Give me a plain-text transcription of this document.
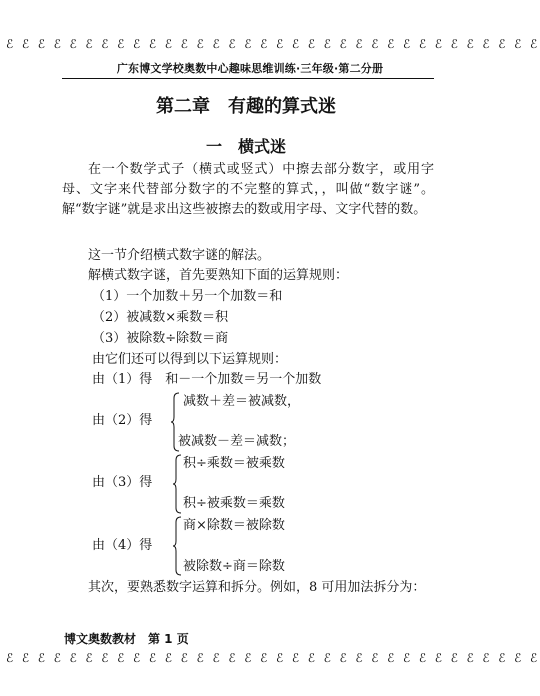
ℰ ℰ ℰ ℰ ℰ ℰ ℰ ℰ ℰ ℰ ℰ ℰ ℰ ℰ ℰ ℰ ℰ ℰ ℰ ℰ ℰ ℰ ℰ ℰ ℰ ℰ ℰ ℰ ℰ ℰ ℰ ℰ ℰ ℰ
广东博文学校奥数中心趣味思维训练·三年级·第二分册
第二章　有趣的算式迷
一　横式迷

在一个数学式子（横式或竖式）中擦去部分数字，或用字母、文字来代替部分数字的不完整的算式，，叫做“数字谜”。解“数字谜”就是求出这些被擦去的数或用字母、文字代替的数。

这一节介绍横式数字谜的解法。

解横式数字谜，首先要熟知下面的运算规则：

（1）一个加数＋另一个加数＝和
（2）被减数×乘数＝积
（3）被除数÷除数＝商
由它们还可以得到以下运算规则：
由（1）得　和－一个加数＝另一个加数
由（2）得
减数＋差＝被减数，
被减数－差＝减数；
由（3）得
积÷乘数＝被乘数
积÷被乘数＝乘数
由（4）得
商×除数＝被除数
被除数÷商＝除数

其次，要熟悉数字运算和拆分。例如，8 可用加法拆分为：

博文奥数教材　第 1 页
ℰ ℰ ℰ ℰ ℰ ℰ ℰ ℰ ℰ ℰ ℰ ℰ ℰ ℰ ℰ ℰ ℰ ℰ ℰ ℰ ℰ ℰ ℰ ℰ ℰ ℰ ℰ ℰ ℰ ℰ ℰ ℰ ℰ ℰ
